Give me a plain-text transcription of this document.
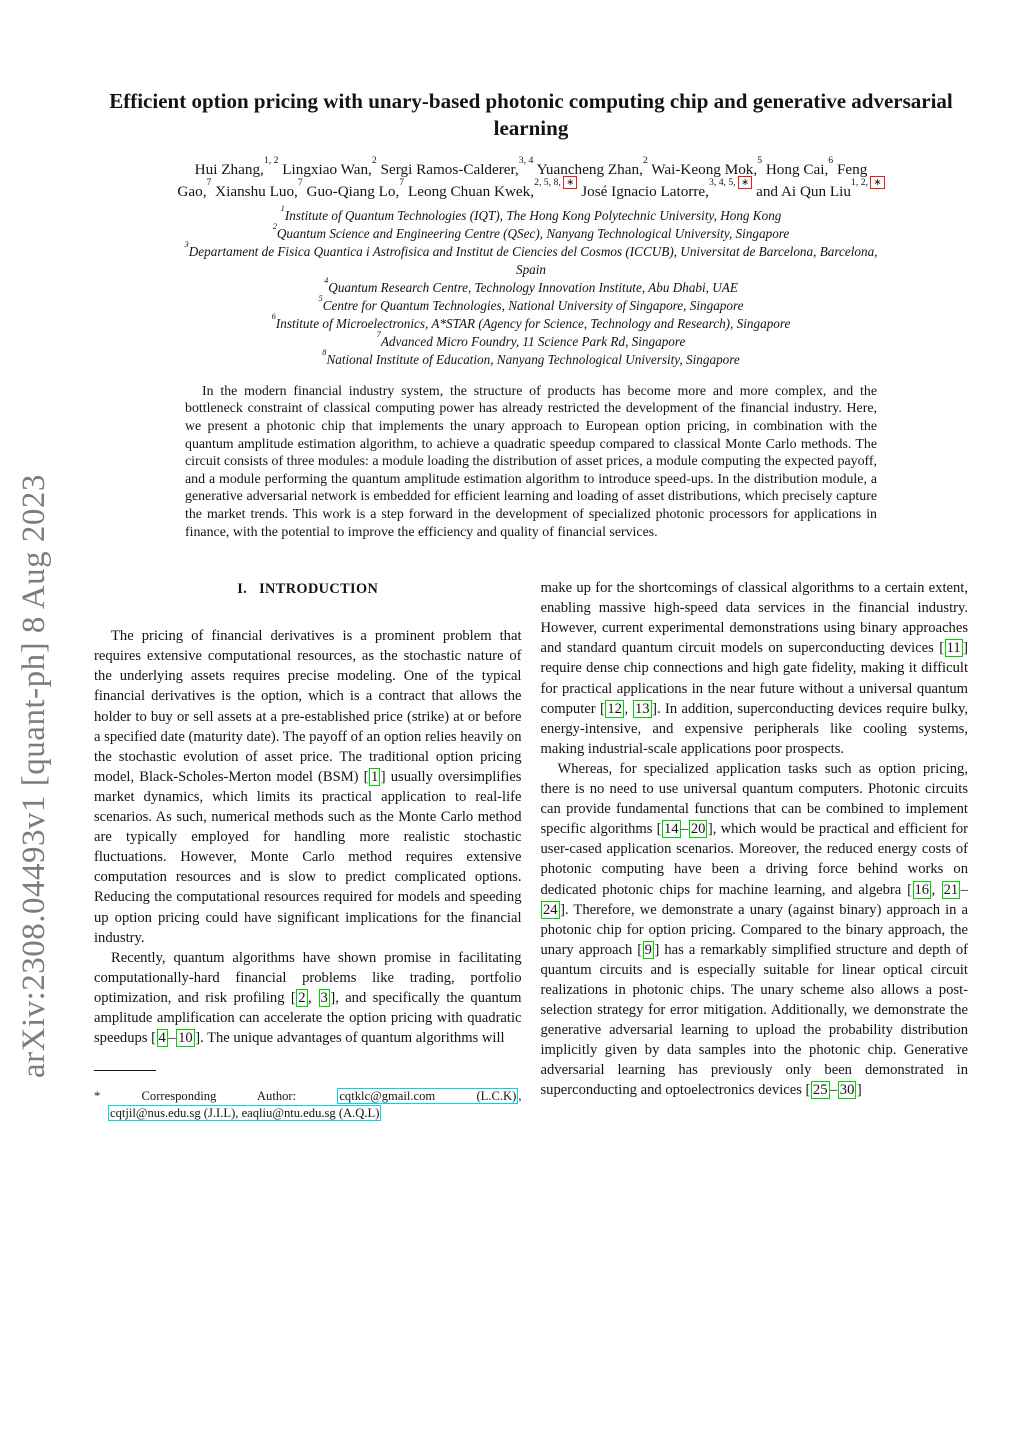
arXiv:2308.04493v1 [quant-ph] 8 Aug 2023
Efficient option pricing with unary-based photonic computing chip and generative adversarial learning
Hui Zhang,$^{1, 2}$ Lingxiao Wan,$^2$ Sergi Ramos-Calderer,$^{3, 4}$ Yuancheng Zhan,$^2$ Wai-Keong Mok,$^5$ Hong Cai,$^6$ Feng
Gao,$^7$ Xianshu Luo,$^7$ Guo-Qiang Lo,$^7$ Leong Chuan Kwek,$^{2, 5, 8,}$ ∗ José Ignacio Latorre,$^{3, 4, 5,}$ ∗ and Ai Qun Liu$^{1, 2,}$ ∗
$^1$Institute of Quantum Technologies (IQT), The Hong Kong Polytechnic University, Hong Kong
$^2$Quantum Science and Engineering Centre (QSec), Nanyang Technological University, Singapore
$^3$Departament de Fisica Quantica i Astrofisica and Institut de Ciencies del Cosmos (ICCUB), Universitat de Barcelona, Barcelona, Spain
$^4$Quantum Research Centre, Technology Innovation Institute, Abu Dhabi, UAE
$^5$Centre for Quantum Technologies, National University of Singapore, Singapore
$^6$Institute of Microelectronics, A*STAR (Agency for Science, Technology and Research), Singapore
$^7$Advanced Micro Foundry, 11 Science Park Rd, Singapore
$^8$National Institute of Education, Nanyang Technological University, Singapore
In the modern financial industry system, the structure of products has become more and more complex, and the bottleneck constraint of classical computing power has already restricted the development of the financial industry. Here, we present a photonic chip that implements the unary approach to European option pricing, in combination with the quantum amplitude estimation algorithm, to achieve a quadratic speedup compared to classical Monte Carlo methods. The circuit consists of three modules: a module loading the distribution of asset prices, a module computing the expected payoff, and a module performing the quantum amplitude estimation algorithm to introduce speed-ups. In the distribution module, a generative adversarial network is embedded for efficient learning and loading of asset distributions, which precisely capture the market trends. This work is a step forward in the development of specialized photonic processors for applications in finance, with the potential to improve the efficiency and quality of financial services.
I.   INTRODUCTION

The pricing of financial derivatives is a prominent problem that requires extensive computational resources, as the stochastic nature of the underlying assets requires precise modeling. One of the typical financial derivatives is the option, which is a contract that allows the holder to buy or sell assets at a pre-established price (strike) at or before a specified date (maturity date). The payoff of an option relies heavily on the stochastic evolution of asset price. The traditional option pricing model, Black-Scholes-Merton model (BSM) [ 1 ] usually oversimplifies market dynamics, which limits its practical application to real-life scenarios. As such, numerical methods such as the Monte Carlo method are typically employed for handling more realistic stochastic fluctuations. However, Monte Carlo method requires extensive computation resources and is slow to predict complicated options. Reducing the computational resources required for models and speeding up option pricing could have significant implications for the financial industry.

Recently, quantum algorithms have shown promise in facilitating computationally-hard financial problems like trading, portfolio optimization, and risk profiling [ 2 , 3 ], and specifically the quantum amplitude amplification can accelerate the option pricing with quadratic speedups [ 4 – 10 ]. The unique advantages of quantum algorithms will

* Corresponding Author: cqtklc@gmail.com (L.C.K) , cqtjil@nus.edu.sg (J.I.L), eaqliu@ntu.edu.sg (A.Q.L)

make up for the shortcomings of classical algorithms to a certain extent, enabling massive high-speed data services in the financial industry. However, current experimental demonstrations using binary approaches and standard quantum circuit models on superconducting devices [ 11 ] require dense chip connections and high gate fidelity, making it difficult for practical applications in the near future without a universal quantum computer [ 12 , 13 ]. In addition, superconducting devices require bulky, energy-intensive, and expensive peripherals like cooling systems, making industrial-scale applications poor prospects.

Whereas, for specialized application tasks such as option pricing, there is no need to use universal quantum computers. Photonic circuits can provide fundamental functions that can be combined to implement specific algorithms [ 14 – 20 ], which would be practical and efficient for user-cased application scenarios. Moreover, the reduced energy costs of photonic computing have been a driving force behind works on dedicated photonic chips for machine learning, and algebra [ 16 , 21 –24 ]. Therefore, we demonstrate a unary (against binary) approach in a photonic chip for option pricing. Compared to the binary approach, the unary approach [ 9 ] has a remarkably simplified structure and depth of quantum circuits and is especially suitable for linear optical circuit realizations in photonic chips. The unary scheme also allows a post-selection strategy for error mitigation. Additionally, we demonstrate the generative adversarial learning to upload the probability distribution implicitly given by data samples into the photonic chip. Generative adversarial learning has previously only been demonstrated in superconducting and optoelectronics devices [ 25 – 30 ]
